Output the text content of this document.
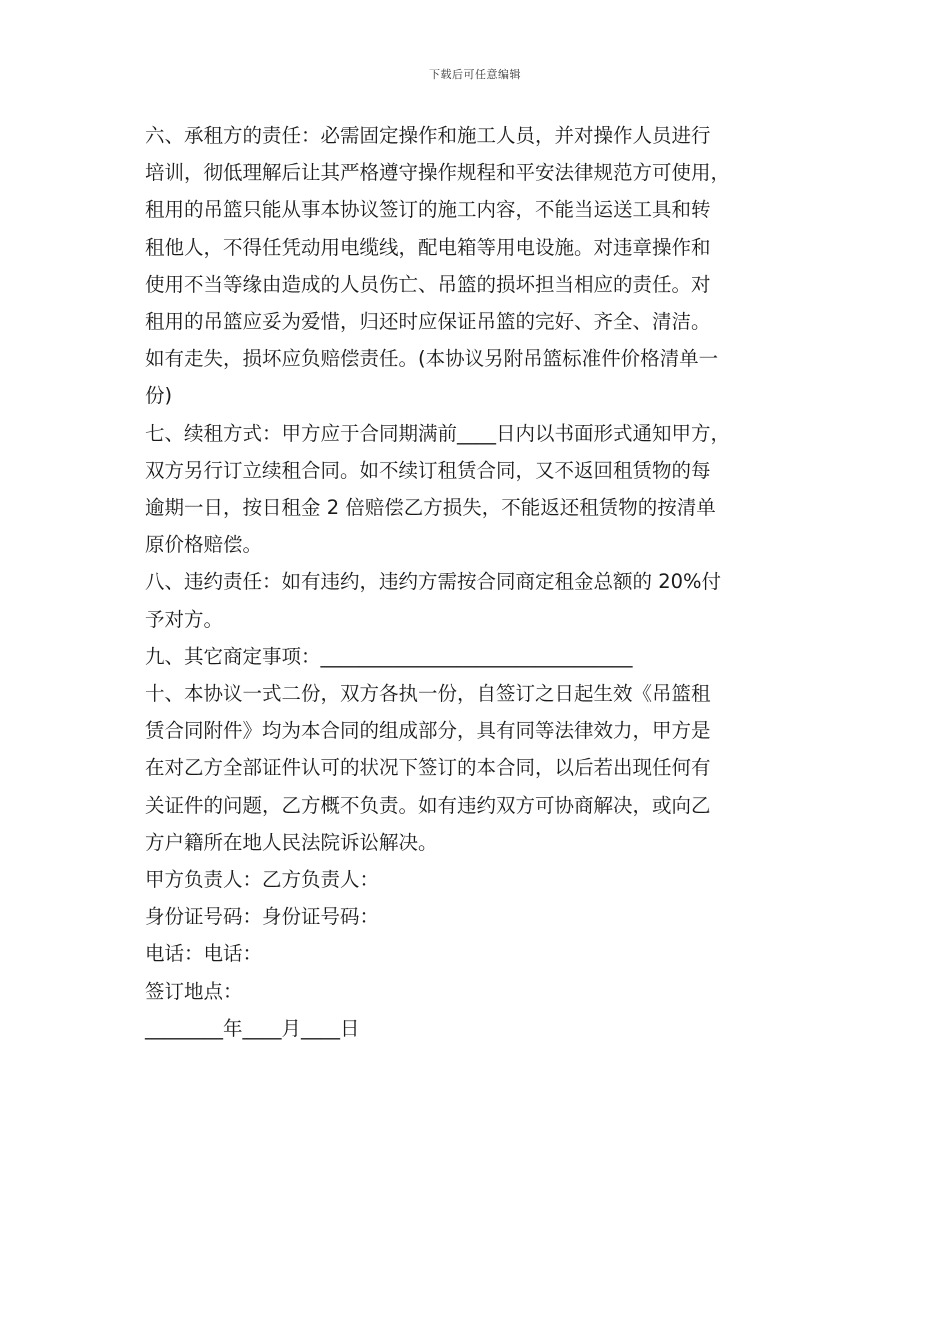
下载后可任意编辑
六、承租方的责任：必需固定操作和施工人员，并对操作人员进行
培训，彻低理解后让其严格遵守操作规程和平安法律规范方可使用，
租用的吊篮只能从事本协议签订的施工内容，不能当运送工具和转
租他人，不得任凭动用电缆线，配电箱等用电设施。对违章操作和
使用不当等缘由造成的人员伤亡、吊篮的损坏担当相应的责任。对
租用的吊篮应妥为爱惜，归还时应保证吊篮的完好、齐全、清洁。
如有走失，损坏应负赔偿责任。(本协议另附吊篮标准件价格清单一
份)
七、续租方式：甲方应于合同期满前____日内以书面形式通知甲方，
双方另行订立续租合同。如不续订租赁合同，又不返回租赁物的每
逾期一日，按日租金 2 倍赔偿乙方损失，不能返还租赁物的按清单
原价格赔偿。
八、违约责任：如有违约，违约方需按合同商定租金总额的 20%付
予对方。
九、其它商定事项：________________________________
十、本协议一式二份，双方各执一份，自签订之日起生效《吊篮租
赁合同附件》均为本合同的组成部分，具有同等法律效力，甲方是
在对乙方全部证件认可的状况下签订的本合同，以后若出现任何有
关证件的问题，乙方概不负责。如有违约双方可协商解决，或向乙
方户籍所在地人民法院诉讼解决。
甲方负责人：乙方负责人：
身份证号码：身份证号码：
电话：电话：
签订地点：
________年____月____日
